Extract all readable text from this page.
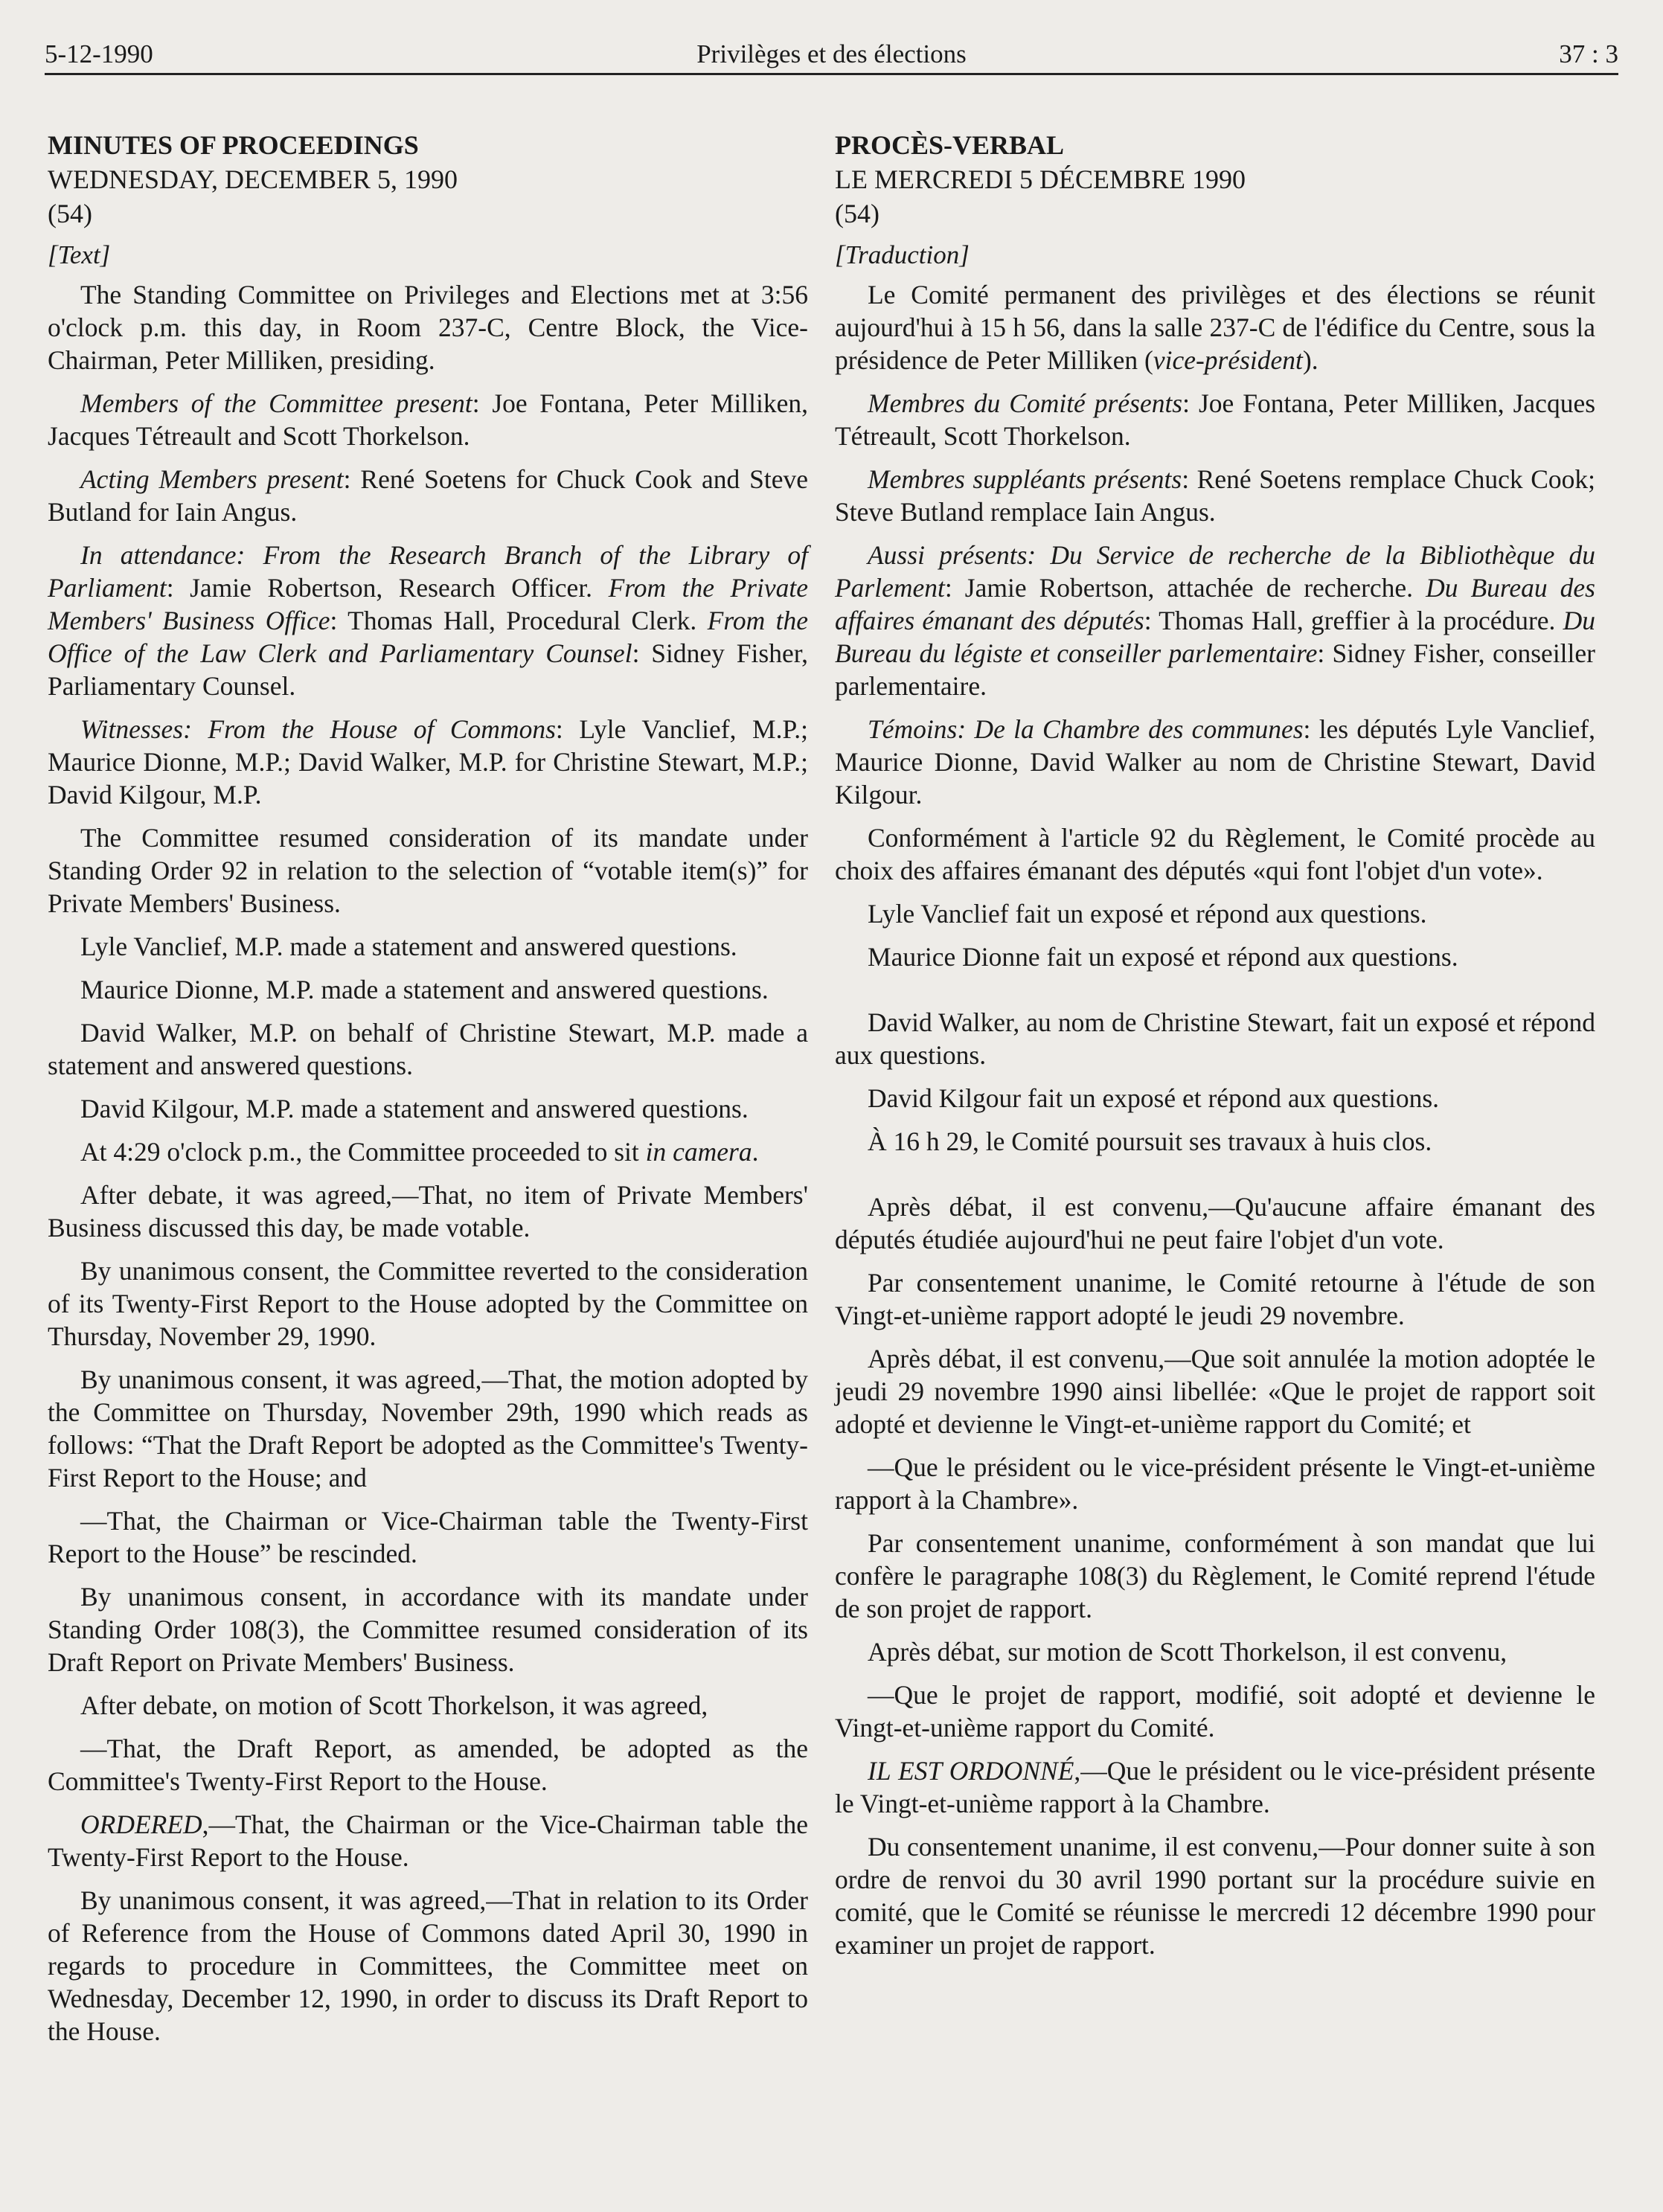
5-12-1990	Privilèges et des élections	37 : 3
MINUTES OF PROCEEDINGS
WEDNESDAY, DECEMBER 5, 1990
(54)
[Text]

The Standing Committee on Privileges and Elections met at 3:56 o'clock p.m. this day, in Room 237-C, Centre Block, the Vice-Chairman, Peter Milliken, presiding.

Members of the Committee present: Joe Fontana, Peter Milliken, Jacques Tétreault and Scott Thorkelson.

Acting Members present: René Soetens for Chuck Cook and Steve Butland for Iain Angus.

In attendance: From the Research Branch of the Library of Parliament: Jamie Robertson, Research Officer. From the Private Members' Business Office: Thomas Hall, Procedural Clerk. From the Office of the Law Clerk and Parliamentary Counsel: Sidney Fisher, Parliamentary Counsel.

Witnesses: From the House of Commons: Lyle Vanclief, M.P.; Maurice Dionne, M.P.; David Walker, M.P. for Christine Stewart, M.P.; David Kilgour, M.P.

The Committee resumed consideration of its mandate under Standing Order 92 in relation to the selection of “votable item(s)” for Private Members' Business.

Lyle Vanclief, M.P. made a statement and answered questions.

Maurice Dionne, M.P. made a statement and answered questions.

David Walker, M.P. on behalf of Christine Stewart, M.P. made a statement and answered questions.

David Kilgour, M.P. made a statement and answered questions.

At 4:29 o'clock p.m., the Committee proceeded to sit in camera.

After debate, it was agreed,—That, no item of Private Members' Business discussed this day, be made votable.

By unanimous consent, the Committee reverted to the consideration of its Twenty-First Report to the House adopted by the Committee on Thursday, November 29, 1990.

By unanimous consent, it was agreed,—That, the motion adopted by the Committee on Thursday, November 29th, 1990 which reads as follows: “That the Draft Report be adopted as the Committee's Twenty-First Report to the House; and

—That, the Chairman or Vice-Chairman table the Twenty-First Report to the House” be rescinded.

By unanimous consent, in accordance with its mandate under Standing Order 108(3), the Committee resumed consideration of its Draft Report on Private Members' Business.

After debate, on motion of Scott Thorkelson, it was agreed,

—That, the Draft Report, as amended, be adopted as the Committee's Twenty-First Report to the House.

ORDERED,—That, the Chairman or the Vice-Chairman table the Twenty-First Report to the House.

By unanimous consent, it was agreed,—That in relation to its Order of Reference from the House of Commons dated April 30, 1990 in regards to procedure in Committees, the Committee meet on Wednesday, December 12, 1990, in order to discuss its Draft Report to the House.

PROCÈS-VERBAL
LE MERCREDI 5 DÉCEMBRE 1990
(54)
[Traduction]

Le Comité permanent des privilèges et des élections se réunit aujourd'hui à 15 h 56, dans la salle 237-C de l'édifice du Centre, sous la présidence de Peter Milliken (vice-président).

Membres du Comité présents: Joe Fontana, Peter Milliken, Jacques Tétreault, Scott Thorkelson.

Membres suppléants présents: René Soetens remplace Chuck Cook; Steve Butland remplace Iain Angus.

Aussi présents: Du Service de recherche de la Bibliothèque du Parlement: Jamie Robertson, attachée de recherche. Du Bureau des affaires émanant des députés: Thomas Hall, greffier à la procédure. Du Bureau du légiste et conseiller parlementaire: Sidney Fisher, conseiller parlementaire.

Témoins: De la Chambre des communes: les députés Lyle Vanclief, Maurice Dionne, David Walker au nom de Christine Stewart, David Kilgour.

Conformément à l'article 92 du Règlement, le Comité procède au choix des affaires émanant des députés «qui font l'objet d'un vote».

Lyle Vanclief fait un exposé et répond aux questions.

Maurice Dionne fait un exposé et répond aux questions.

David Walker, au nom de Christine Stewart, fait un exposé et répond aux questions.

David Kilgour fait un exposé et répond aux questions.

À 16 h 29, le Comité poursuit ses travaux à huis clos.

Après débat, il est convenu,—Qu'aucune affaire émanant des députés étudiée aujourd'hui ne peut faire l'objet d'un vote.

Par consentement unanime, le Comité retourne à l'étude de son Vingt-et-unième rapport adopté le jeudi 29 novembre.

Après débat, il est convenu,—Que soit annulée la motion adoptée le jeudi 29 novembre 1990 ainsi libellée: «Que le projet de rapport soit adopté et devienne le Vingt-et-unième rapport du Comité; et

—Que le président ou le vice-président présente le Vingt-et-unième rapport à la Chambre».

Par consentement unanime, conformément à son mandat que lui confère le paragraphe 108(3) du Règlement, le Comité reprend l'étude de son projet de rapport.

Après débat, sur motion de Scott Thorkelson, il est convenu,

—Que le projet de rapport, modifié, soit adopté et devienne le Vingt-et-unième rapport du Comité.

IL EST ORDONNÉ,—Que le président ou le vice-président présente le Vingt-et-unième rapport à la Chambre.

Du consentement unanime, il est convenu,—Pour donner suite à son ordre de renvoi du 30 avril 1990 portant sur la procédure suivie en comité, que le Comité se réunisse le mercredi 12 décembre 1990 pour examiner un projet de rapport.
